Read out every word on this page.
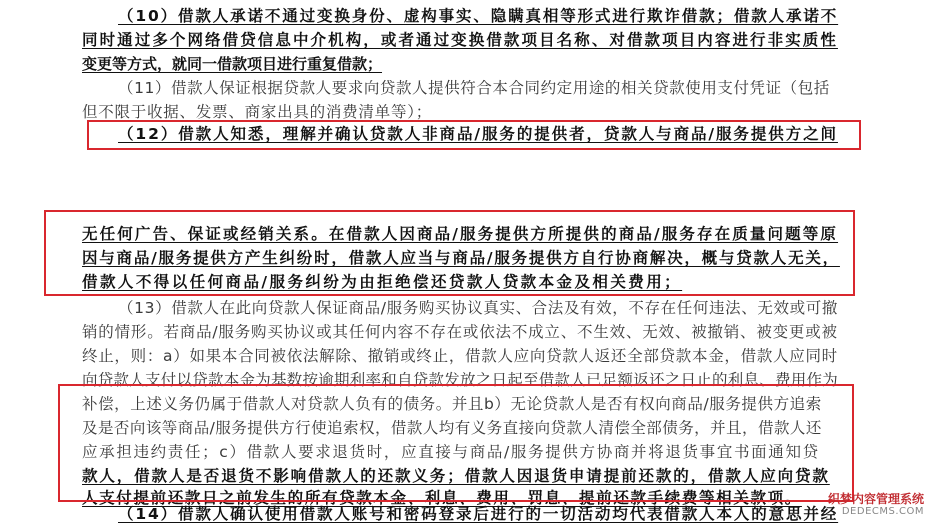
（10）借款人承诺不通过变换身份、虚构事实、隐瞒真相等形式进行欺诈借款；借款人承诺不
同时通过多个网络借贷信息中介机构，或者通过变换借款项目名称、对借款项目内容进行非实质性
变更等方式，就同一借款项目进行重复借款；
（11）借款人保证根据贷款人要求向贷款人提供符合本合同约定用途的相关贷款使用支付凭证（包括
但不限于收据、发票、商家出具的消费清单等）；
（12）借款人知悉，理解并确认贷款人非商品/服务的提供者，贷款人与商品/服务提供方之间
无任何广告、保证或经销关系。在借款人因商品/服务提供方所提供的商品/服务存在质量问题等原
因与商品/服务提供方产生纠纷时，借款人应当与商品/服务提供方自行协商解决，概与贷款人无关，
借款人不得以任何商品/服务纠纷为由拒绝偿还贷款人贷款本金及相关费用；
（13）借款人在此向贷款人保证商品/服务购买协议真实、合法及有效，不存在任何违法、无效或可撤
销的情形。若商品/服务购买协议或其任何内容不存在或依法不成立、不生效、无效、被撤销、被变更或被
终止，则：a）如果本合同被依法解除、撤销或终止，借款人应向贷款人返还全部贷款本金，借款人应同时
向贷款人支付以贷款本金为基数按逾期利率和自贷款发放之日起至借款人已足额返还之日止的利息、费用作为
补偿，上述义务仍属于借款人对贷款人负有的债务。并且b）无论贷款人是否有权向商品/服务提供方追索
及是否向该等商品/服务提供方行使追索权，借款人均有义务直接向贷款人清偿全部债务，并且，借款人还
应承担违约责任；c）借款人要求退货时，应直接与商品/服务提供方协商并将退货事宜书面通知贷
款人，借款人是否退货不影响借款人的还款义务；借款人因退货申请提前还款的，借款人应向贷款
人支付提前还款日之前发生的所有贷款本金、利息、费用、罚息、提前还款手续费等相关款项。
（14）借款人确认使用借款人账号和密码登录后进行的一切活动均代表借款人本人的意思并经
织梦内容管理系统
DEDECMS.COM
